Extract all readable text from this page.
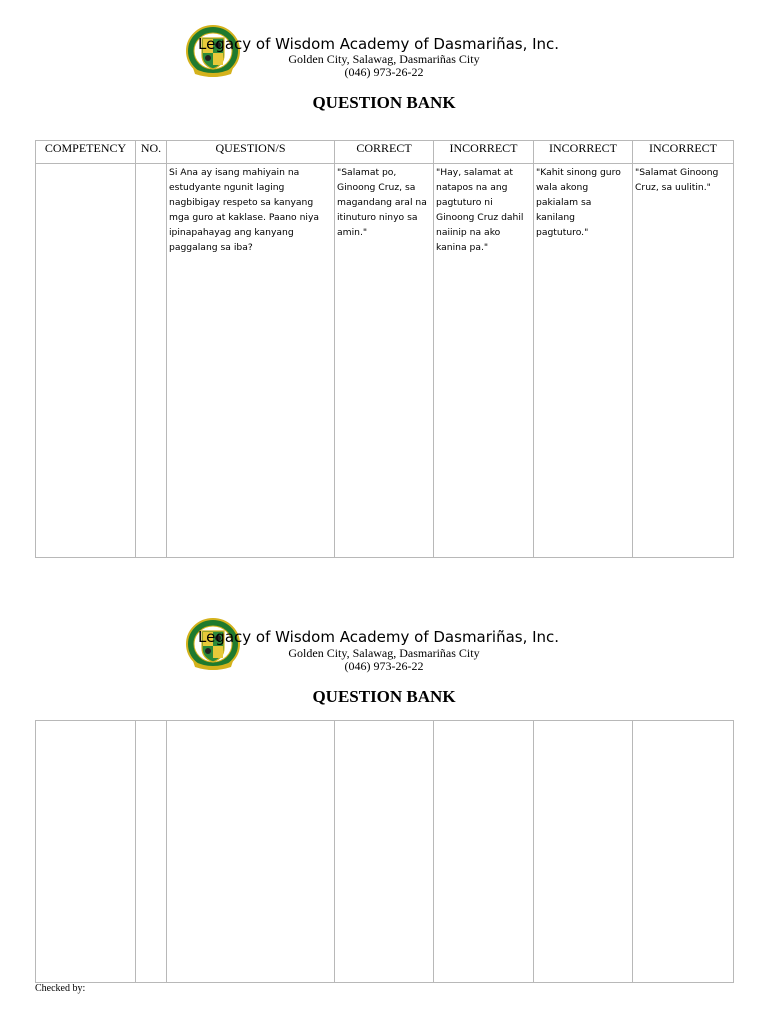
Legacy of Wisdom Academy of Dasmariñas, Inc.
Golden City, Salawag, Dasmariñas City
(046) 973-26-22
QUESTION BANK
COMPETENCY	NO.	QUESTION/S	CORRECT	INCORRECT	INCORRECT	INCORRECT
		Si Ana ay isang mahiyain na estudyante ngunit laging nagbibigay respeto sa kanyang mga guro at kaklase. Paano niya ipinapahayag ang kanyang paggalang sa iba?	"Salamat po, Ginoong Cruz, sa magandang aral na itinuturo ninyo sa amin."	"Hay, salamat at natapos na ang pagtuturo ni Ginoong Cruz dahil naiinip na ako kanina pa."	"Kahit sinong guro wala akong pakialam sa kanilang pagtuturo."	"Salamat Ginoong Cruz, sa uulitin."
Legacy of Wisdom Academy of Dasmariñas, Inc.
Golden City, Salawag, Dasmariñas City
(046) 973-26-22
QUESTION BANK

Checked by:
